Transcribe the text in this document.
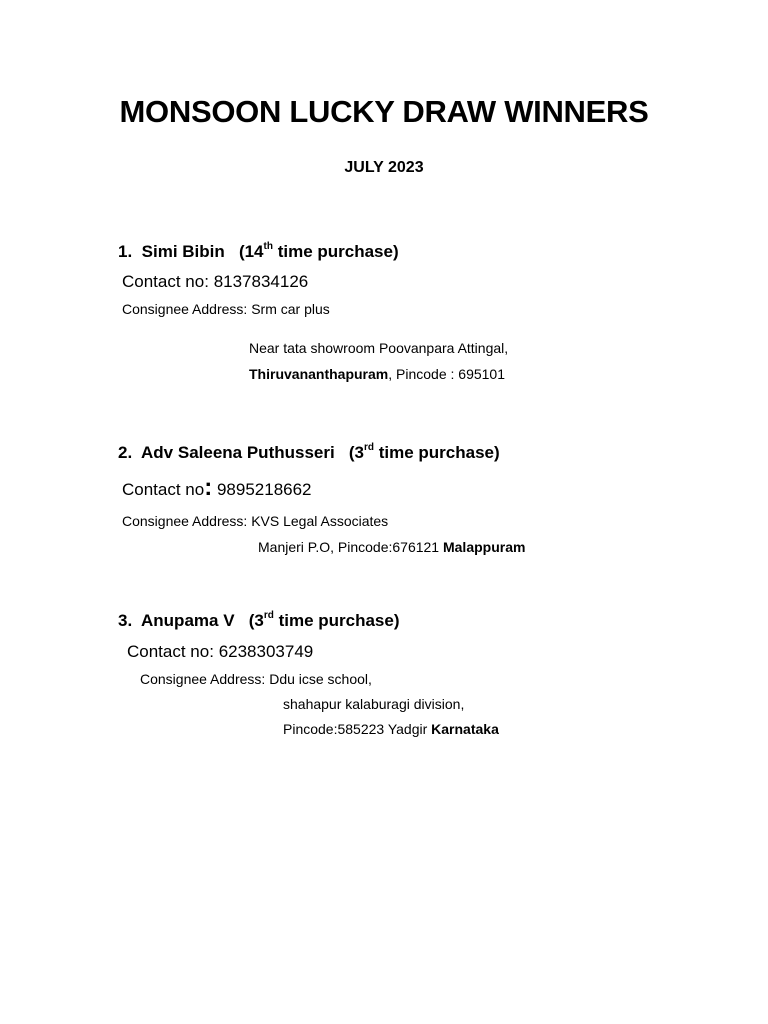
MONSOON LUCKY DRAW WINNERS
JULY 2023
1. Simi Bibin (14th time purchase)
Contact no: 8137834126
Consignee Address: Srm car plus
Near tata showroom Poovanpara Attingal,
Thiruvananthapuram, Pincode : 695101
2. Adv Saleena Puthusseri (3rd time purchase)
Contact no: 9895218662
Consignee Address: KVS Legal Associates
Manjeri P.O, Pincode:676121 Malappuram
3. Anupama V (3rd time purchase)
Contact no: 6238303749
Consignee Address: Ddu icse school,
shahapur kalaburagi division,
Pincode:585223 Yadgir Karnataka
